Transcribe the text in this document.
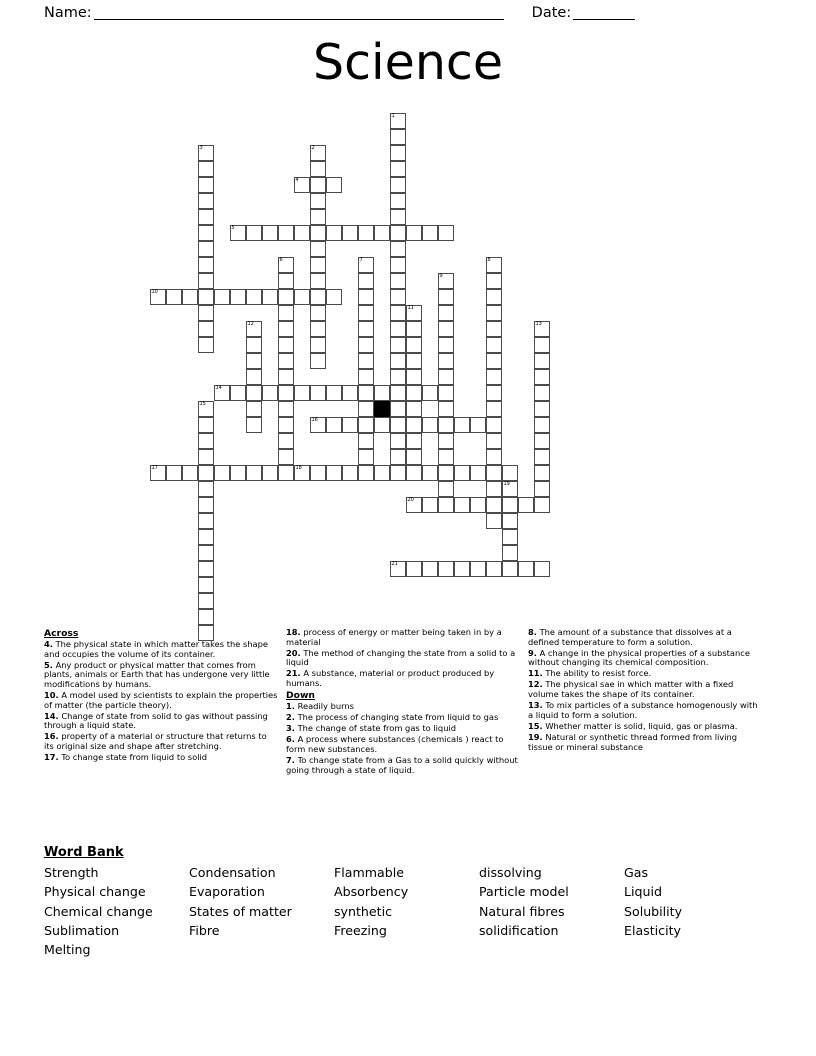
Name:	Date:
Science
1
2
3
4
5
6	7	8
9
10
11
12	13
14
15
16
17	18
19
20
21
Across
4. The physical state in which matter takes the shape and occupies the volume of its container.
5. Any product or physical matter that comes from plants, animals or Earth that has undergone very little modifications by humans.
10. A model used by scientists to explain the properties of matter (the particle theory).
14. Change of state from solid to gas without passing through a liquid state.
16. property of a material or structure that returns to its original size and shape after stretching.
17. To change state from liquid to solid
18. process of energy or matter being taken in by a material
20. The method of changing the state from a solid to a liquid
21. A substance, material or product produced by humans.
Down
1. Readily burns
2. The process of changing state from liquid to gas
3. The change of state from gas to liquid
6. A process where substances (chemicals ) react to form new substances.
7. To change state from a Gas to a solid quickly without going through a state of liquid.
8. The amount of a substance that dissolves at a defined temperature to form a solution.
9. A change in the physical properties of a substance without changing its chemical composition.
11. The ability to resist force.
12. The physical sae in which matter with a fixed volume takes the shape of its container.
13. To mix particles of a substance homogenously with a liquid to form a solution.
15. Whether matter is solid, liquid, gas or plasma.
19. Natural or synthetic thread formed from living tissue or mineral substance
Word Bank
Strength
Physical change
Chemical change
Sublimation
Melting
Condensation
Evaporation
States of matter
Fibre
Flammable
Absorbency
synthetic
Freezing
dissolving
Particle model
Natural fibres
solidification
Gas
Liquid
Solubility
Elasticity
